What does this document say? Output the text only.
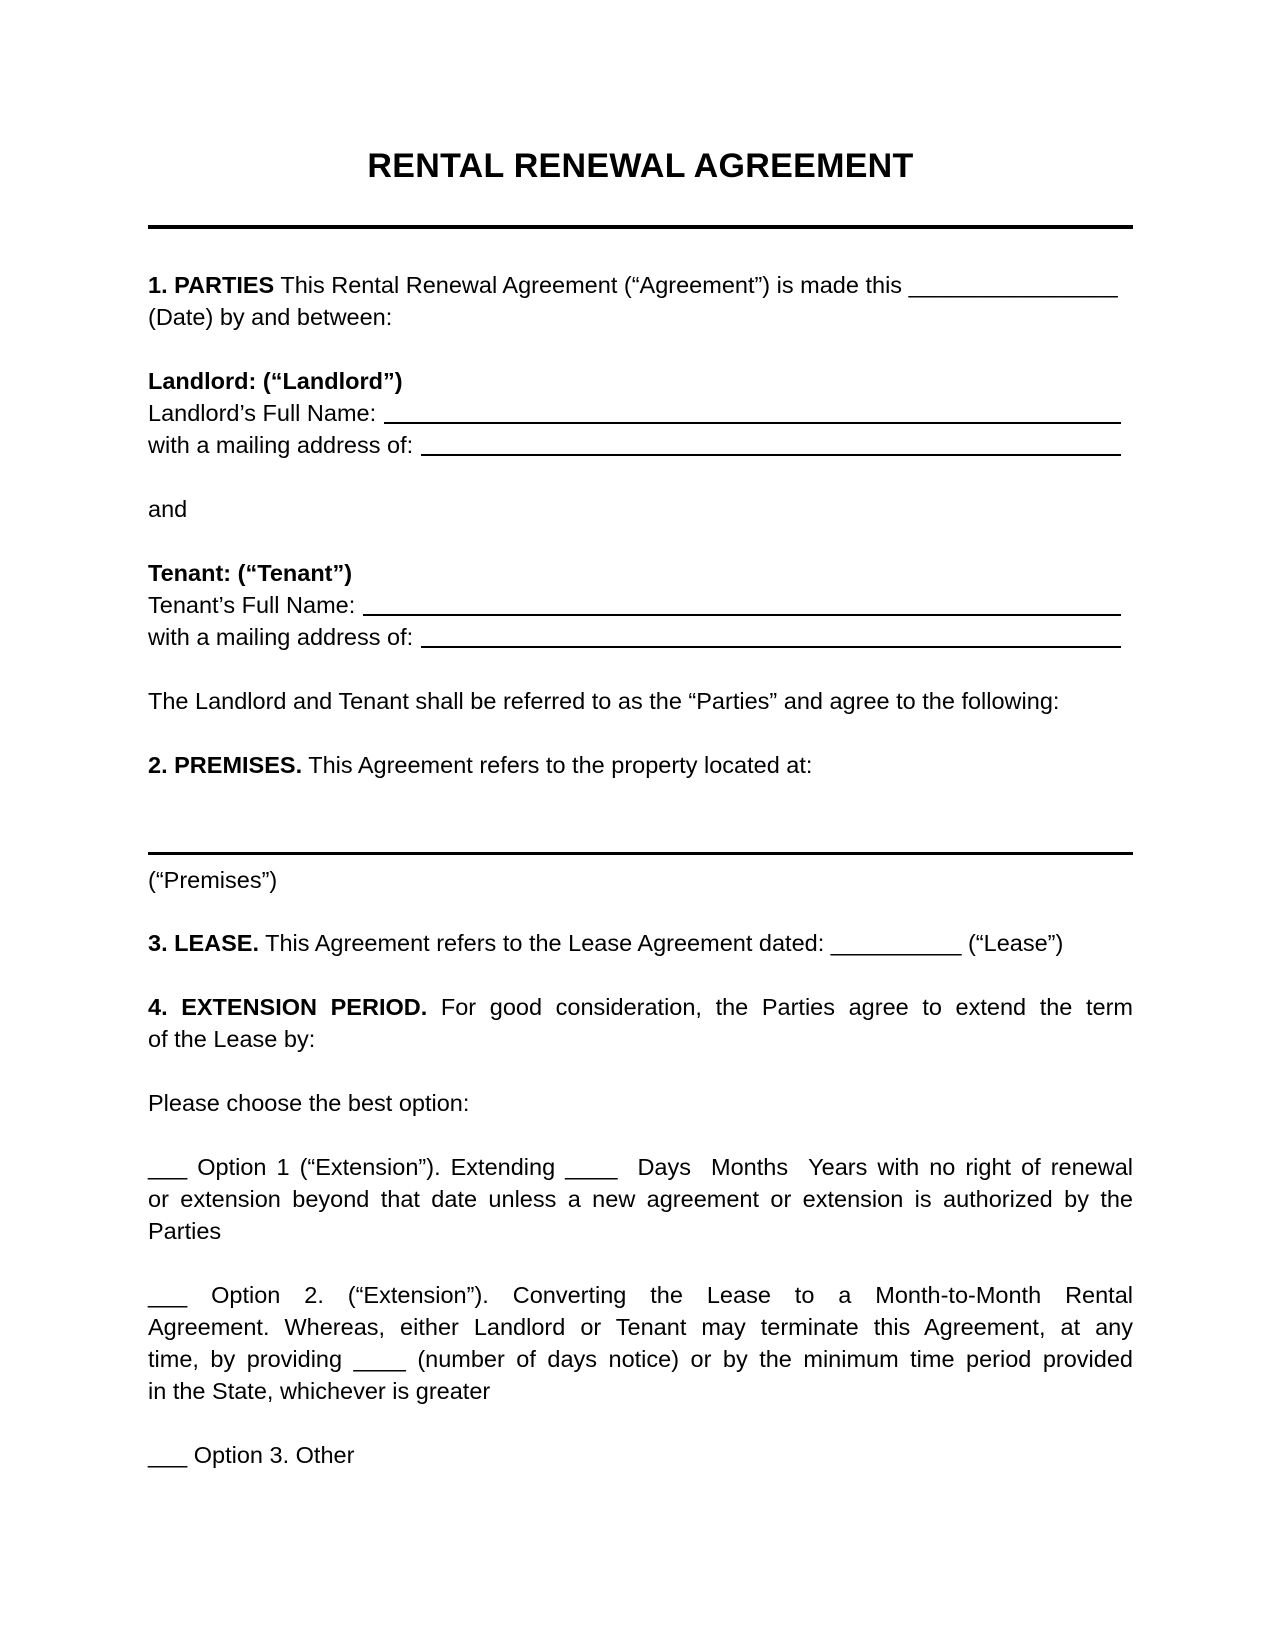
RENTAL RENEWAL AGREEMENT
1. PARTIES This Rental Renewal Agreement (“Agreement”) is made this ________________
(Date) by and between:
Landlord: (“Landlord”)
Landlord’s Full Name:
with a mailing address of:
and
Tenant: (“Tenant”)
Tenant’s Full Name:
with a mailing address of:
The Landlord and Tenant shall be referred to as the “Parties” and agree to the following:
2. PREMISES. This Agreement refers to the property located at:
(“Premises”)
3. LEASE. This Agreement refers to the Lease Agreement dated: __________ (“Lease”)
4. EXTENSION PERIOD. For good consideration, the Parties agree to extend the term
of the Lease by:
Please choose the best option:
___ Option 1 (“Extension”). Extending ____  Days  Months  Years with no right of renewal
or extension beyond that date unless a new agreement or extension is authorized by the
Parties
___ Option 2. (“Extension”). Converting the Lease to a Month-to-Month Rental
Agreement. Whereas, either Landlord or Tenant may terminate this Agreement, at any
time, by providing ____ (number of days notice) or by the minimum time period provided
in the State, whichever is greater
___ Option 3. Other
